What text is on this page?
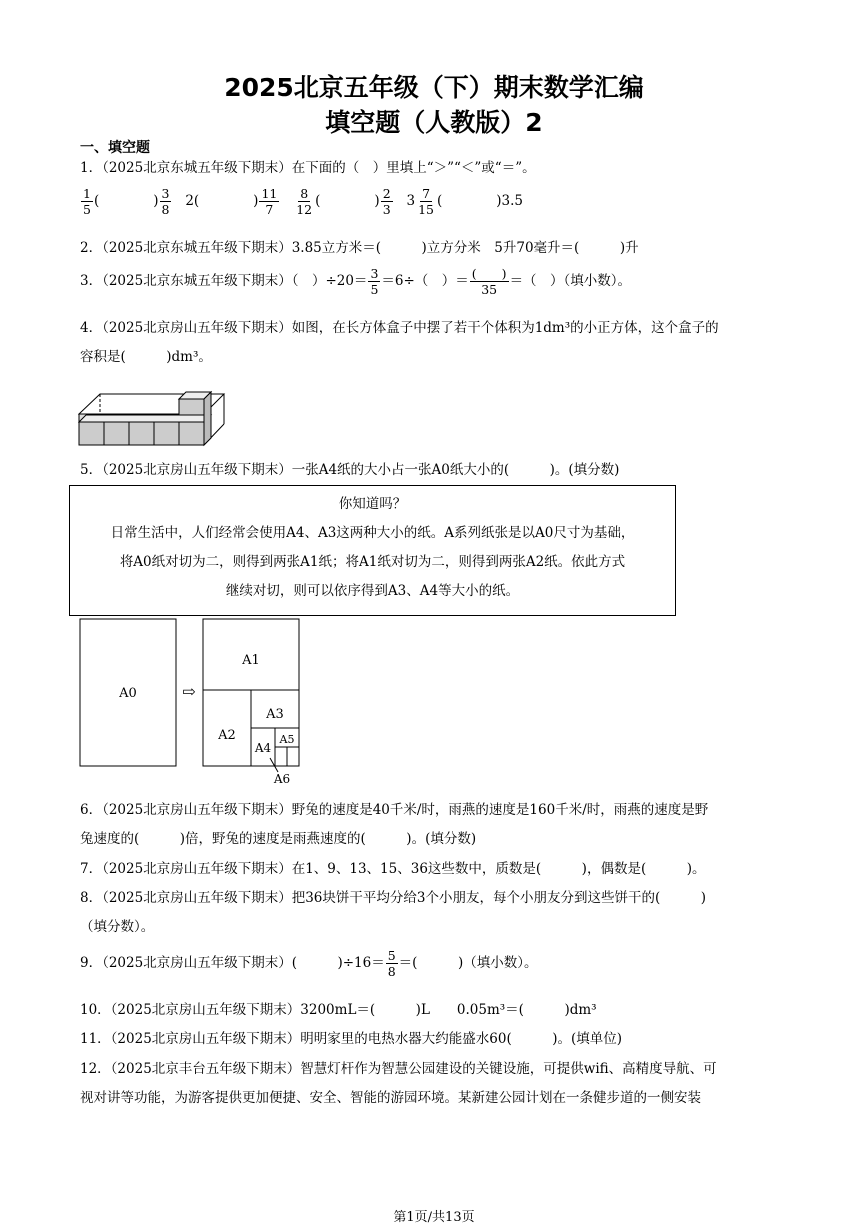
2025北京五年级（下）期末数学汇编
填空题（人教版）2
一、填空题
1．（2025北京东城五年级下期末）在下面的（　）里填上“＞”“＜”或“＝”。
$\frac{1}{5}$ (　　　　) $\frac{3}{8} 2$(　　　　) $\frac{11}{7}$
$\frac{8}{12}$ (　　　　) $\frac{2}{3} 3 \frac{7}{15}$ (　　　　)3.5
2．（2025北京东城五年级下期末）3.85立方米＝(　　　)立方分米　5升70毫升＝(　　　)升
3．（2025北京东城五年级下期末）（　）$\div 20= \frac{3}{5} =6\div$（　）＝ $\frac{( )}{35}$ ＝（　）（填小数）。
4．（2025北京房山五年级下期末）如图，在长方体盒子中摆了若干个体积为1dm³的小正方体，这个盒子的
容积是(　　　)dm³。
5．（2025北京房山五年级下期末）一张A4纸的大小占一张A0纸大小的(　　　)。(填分数)
你知道吗？
日常生活中，人们经常会使用A4、A3这两种大小的纸。A系列纸张是以A0尺寸为基础，
将A0纸对切为二，则得到两张A1纸；将A1纸对切为二，则得到两张A2纸。依此方式
继续对切，则可以依序得到A3、A4等大小的纸。
A0	⇨
A1
A2
A3
A4
A5
A6
6．（2025北京房山五年级下期末）野兔的速度是40千米/时，雨燕的速度是160千米/时，雨燕的速度是野
兔速度的(　　　)倍，野兔的速度是雨燕速度的(　　　)。(填分数)
7．（2025北京房山五年级下期末）在1、9、13、15、36这些数中，质数是(　　　)，偶数是(　　　)。
8．（2025北京房山五年级下期末）把36块饼干平均分给3个小朋友，每个小朋友分到这些饼干的(　　　)
（填分数）。
9．（2025北京房山五年级下期末）(　　　)$\div 16= \frac{5}{8}$ ＝(　　　)（填小数）。
10．（2025北京房山五年级下期末）3200mL＝(　　　)L　　0.05m³＝(　　　)dm³
11．（2025北京房山五年级下期末）明明家里的电热水器大约能盛水60(　　　)。(填单位)
12．（2025北京丰台五年级下期末）智慧灯杆作为智慧公园建设的关键设施，可提供wifi、高精度导航、可
视对讲等功能，为游客提供更加便捷、安全、智能的游园环境。某新建公园计划在一条健步道的一侧安装
第1页/共13页
